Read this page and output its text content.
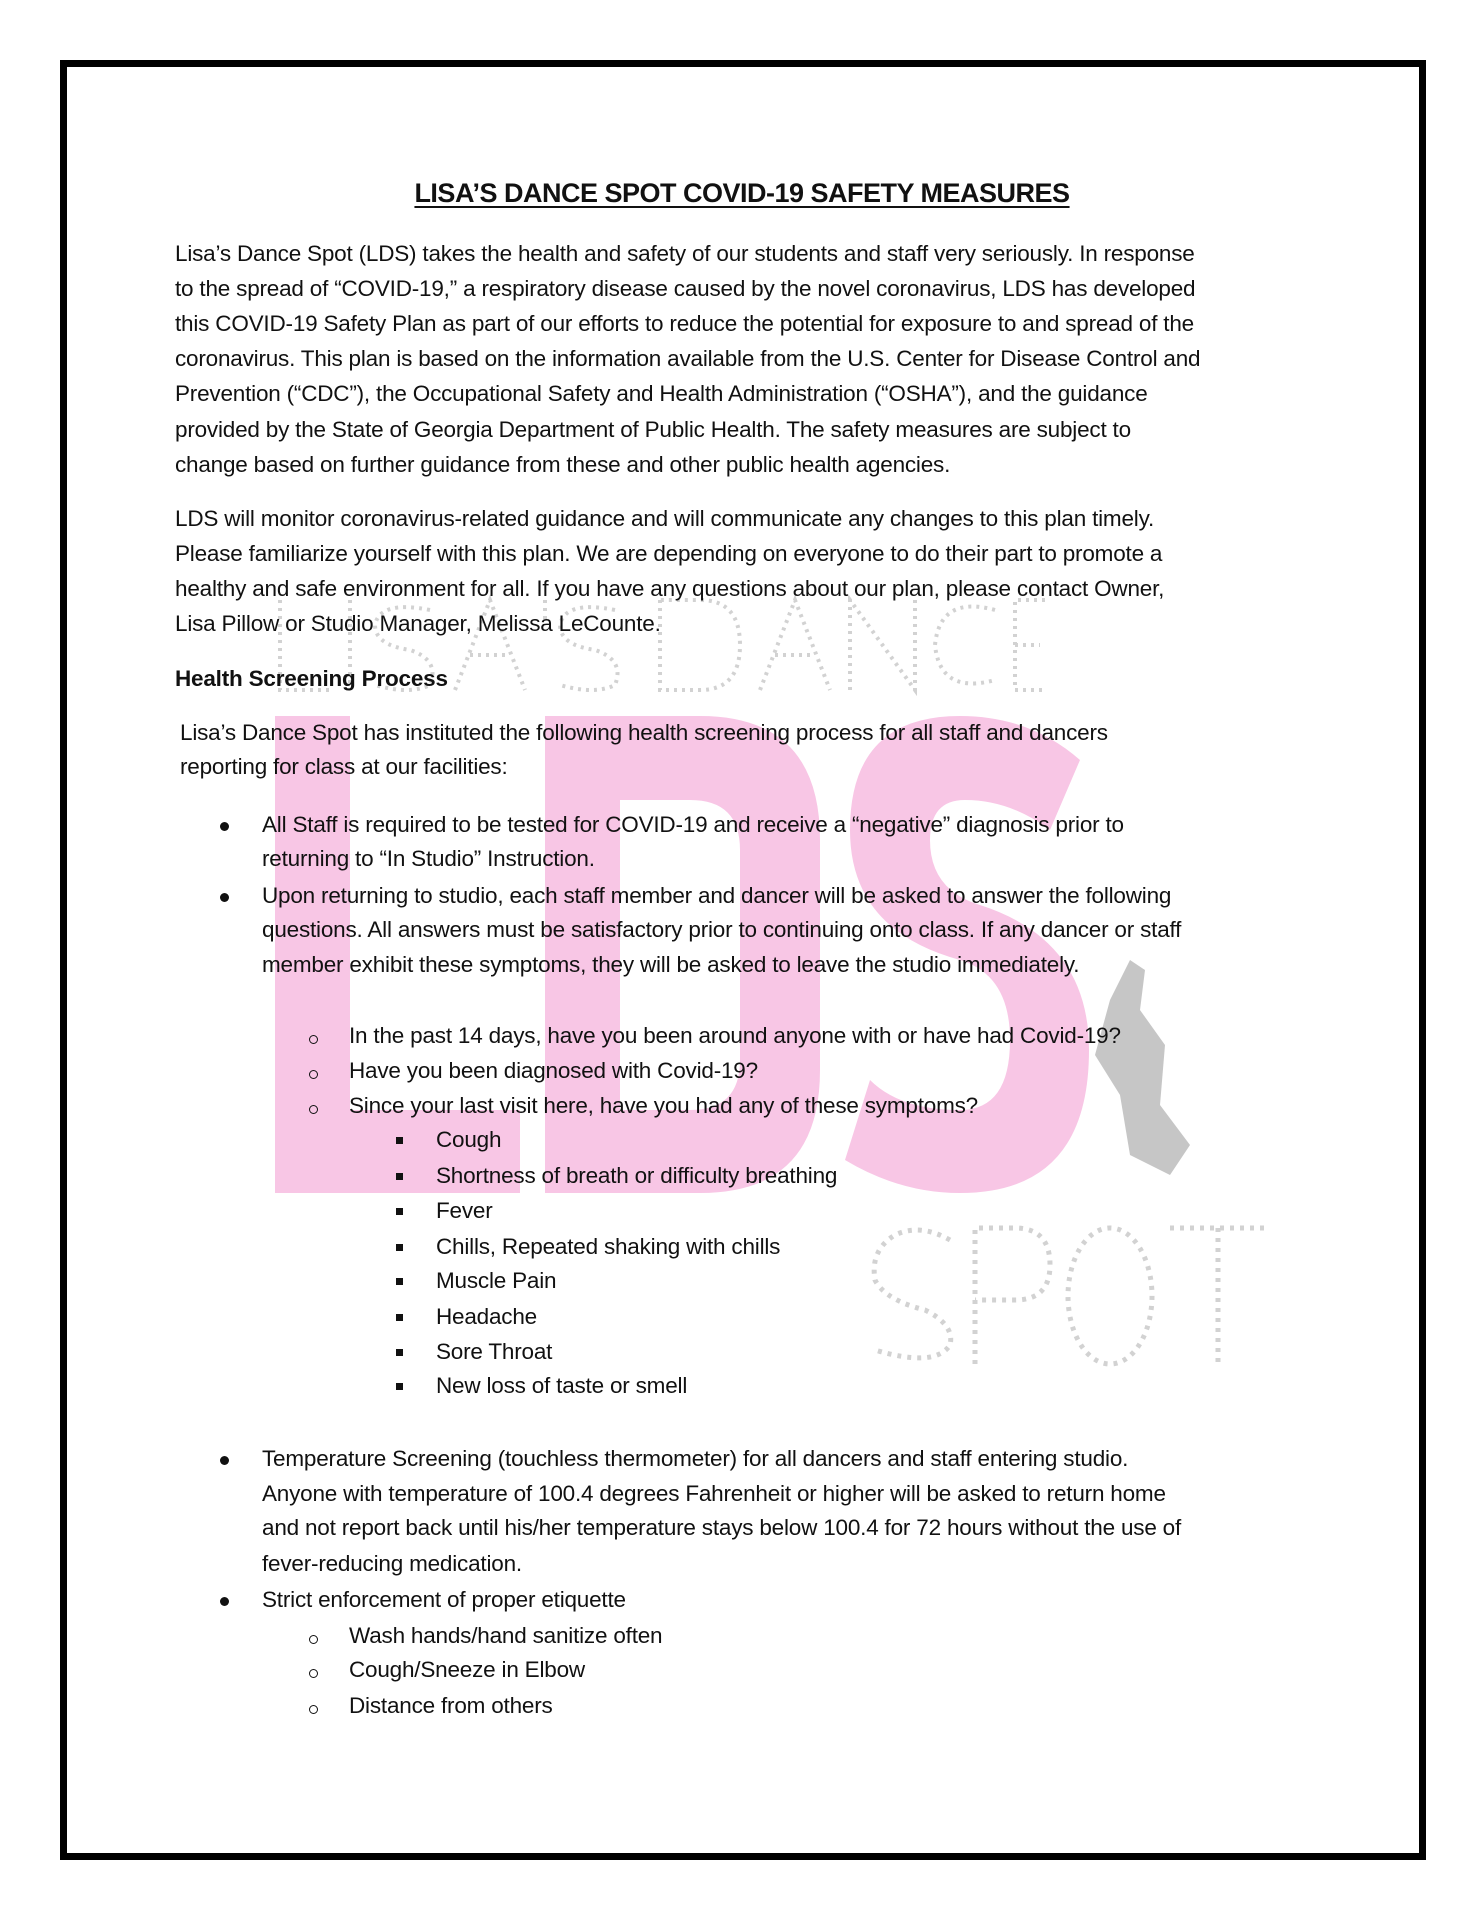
LISA’S DANCE SPOT COVID-19 SAFETY MEASURES
Lisa’s Dance Spot (LDS) takes the health and safety of our students and staff very seriously. In response
to the spread of “COVID-19,” a respiratory disease caused by the novel coronavirus, LDS has developed
this COVID-19 Safety Plan as part of our efforts to reduce the potential for exposure to and spread of the
coronavirus. This plan is based on the information available from the U.S. Center for Disease Control and
Prevention (“CDC”), the Occupational Safety and Health Administration (“OSHA”), and the guidance
provided by the State of Georgia Department of Public Health. The safety measures are subject to
change based on further guidance from these and other public health agencies.
LDS will monitor coronavirus-related guidance and will communicate any changes to this plan timely.
Please familiarize yourself with this plan. We are depending on everyone to do their part to promote a
healthy and safe environment for all. If you have any questions about our plan, please contact Owner,
Lisa Pillow or Studio Manager, Melissa LeCounte.
Health Screening Process
Lisa’s Dance Spot has instituted the following health screening process for all staff and dancers
reporting for class at our facilities:
All Staff is required to be tested for COVID-19 and receive a “negative” diagnosis prior to
returning to “In Studio” Instruction.
Upon returning to studio, each staff member and dancer will be asked to answer the following
questions. All answers must be satisfactory prior to continuing onto class. If any dancer or staff
member exhibit these symptoms, they will be asked to leave the studio immediately.
In the past 14 days, have you been around anyone with or have had Covid-19?
Have you been diagnosed with Covid-19?
Since your last visit here, have you had any of these symptoms?
Cough
Shortness of breath or difficulty breathing
Fever
Chills, Repeated shaking with chills
Muscle Pain
Headache
Sore Throat
New loss of taste or smell
Temperature Screening (touchless thermometer) for all dancers and staff entering studio.
Anyone with temperature of 100.4 degrees Fahrenheit or higher will be asked to return home
and not report back until his/her temperature stays below 100.4 for 72 hours without the use of
fever-reducing medication.
Strict enforcement of proper etiquette
Wash hands/hand sanitize often
Cough/Sneeze in Elbow
Distance from others
